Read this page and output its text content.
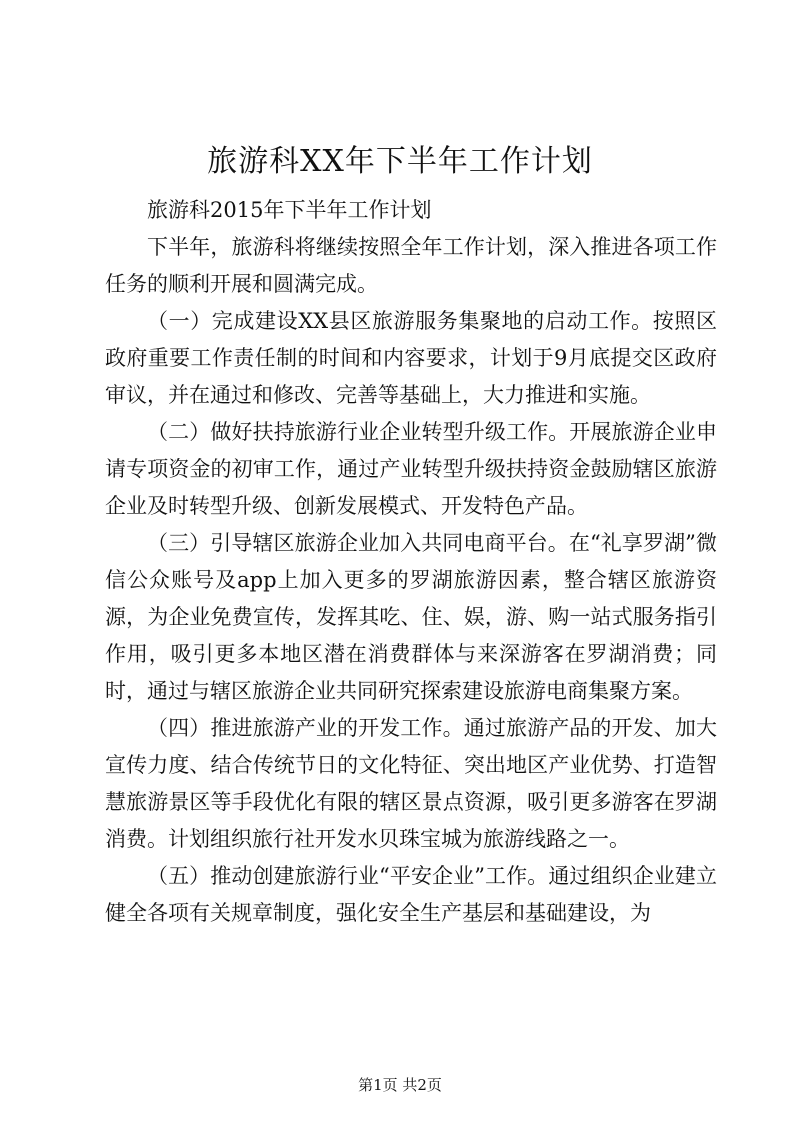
旅游科XX年下半年工作计划

旅游科2015年下半年工作计划

下半年，旅游科将继续按照全年工作计划，深入推进各项工作任务的顺利开展和圆满完成。

（一）完成建设XX县区旅游服务集聚地的启动工作。按照区政府重要工作责任制的时间和内容要求，计划于9月底提交区政府审议，并在通过和修改、完善等基础上，大力推进和实施。

（二）做好扶持旅游行业企业转型升级工作。开展旅游企业申请专项资金的初审工作，通过产业转型升级扶持资金鼓励辖区旅游企业及时转型升级、创新发展模式、开发特色产品。

（三）引导辖区旅游企业加入共同电商平台。在“礼享罗湖”微信公众账号及app上加入更多的罗湖旅游因素，整合辖区旅游资源，为企业免费宣传，发挥其吃、住、娱，游、购一站式服务指引作用，吸引更多本地区潜在消费群体与来深游客在罗湖消费；同时，通过与辖区旅游企业共同研究探索建设旅游电商集聚方案。

（四）推进旅游产业的开发工作。通过旅游产品的开发、加大宣传力度、结合传统节日的文化特征、突出地区产业优势、打造智慧旅游景区等手段优化有限的辖区景点资源，吸引更多游客在罗湖消费。计划组织旅行社开发水贝珠宝城为旅游线路之一。

（五）推动创建旅游行业“平安企业”工作。通过组织企业建立健全各项有关规章制度，强化安全生产基层和基础建设，为

第1页 共2页
